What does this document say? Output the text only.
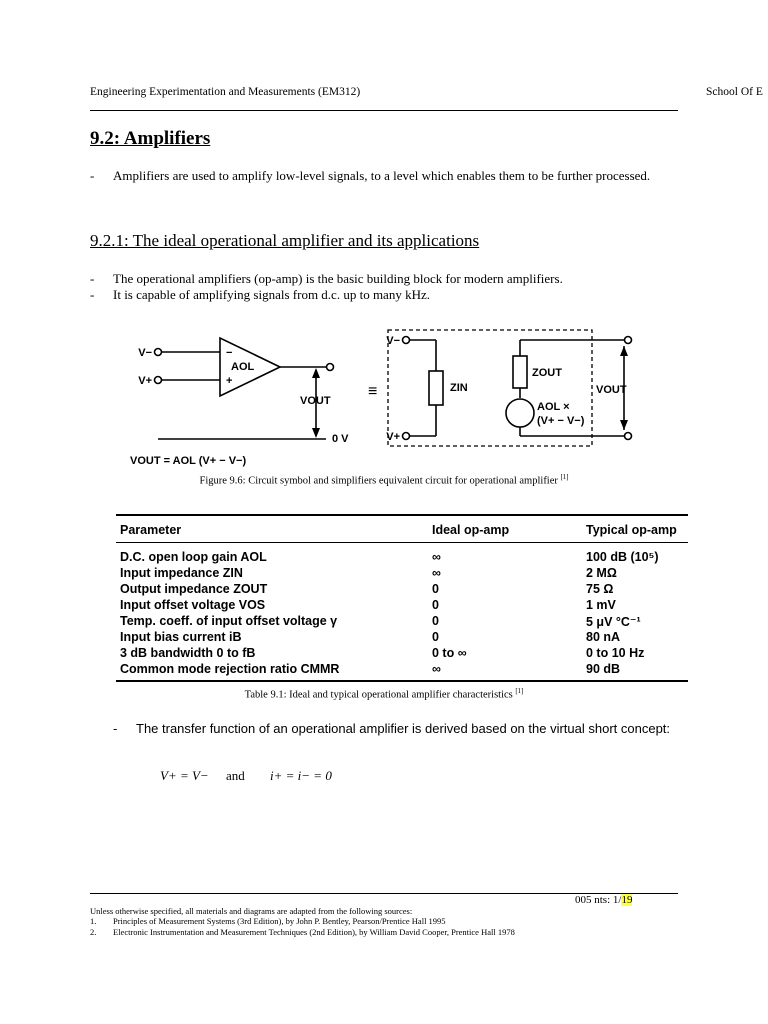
Engineering Experimentation and Measurements (EM312)	School Of E
9.2: Amplifiers
- Amplifiers are used to amplify low-level signals, to a level which enables them to be further processed.
9.2.1: The ideal operational amplifier and its applications
- The operational amplifiers (op-amp) is the basic building block for modern amplifiers.
- It is capable of amplifying signals from d.c. up to many kHz.
V−
V+
−
+
AOL
VOUT
0 V
≡
V−
V+
ZIN
ZOUT
AOL ×
(V+ − V−)
VOUT
VOUT = AOL (V+ − V−)
Figure 9.6: Circuit symbol and simplifiers equivalent circuit for operational amplifier [1]
Parameter	Ideal op-amp	Typical op-amp
D.C. open loop gain AOL	∞	100 dB (10⁵)
Input impedance ZIN	∞	2 MΩ
Output impedance ZOUT	0	75 Ω
Input offset voltage VOS	0	1 mV
Temp. coeff. of input offset voltage γ	0	5 μV °C⁻¹
Input bias current iB	0	80 nA
3 dB bandwidth 0 to fB	0 to ∞	0 to 10 Hz
Common mode rejection ratio CMMR	∞	90 dB
Table 9.1: Ideal and typical operational amplifier characteristics [1]
- The transfer function of an operational amplifier is derived based on the virtual short concept:
V+ = V− and i+ = i− = 0
005 nts: 1/19
Unless otherwise specified, all materials and diagrams are adapted from the following sources:
1. Principles of Measurement Systems (3rd Edition), by John P. Bentley, Pearson/Prentice Hall 1995
2. Electronic Instrumentation and Measurement Techniques (2nd Edition), by William David Cooper, Prentice Hall 1978
